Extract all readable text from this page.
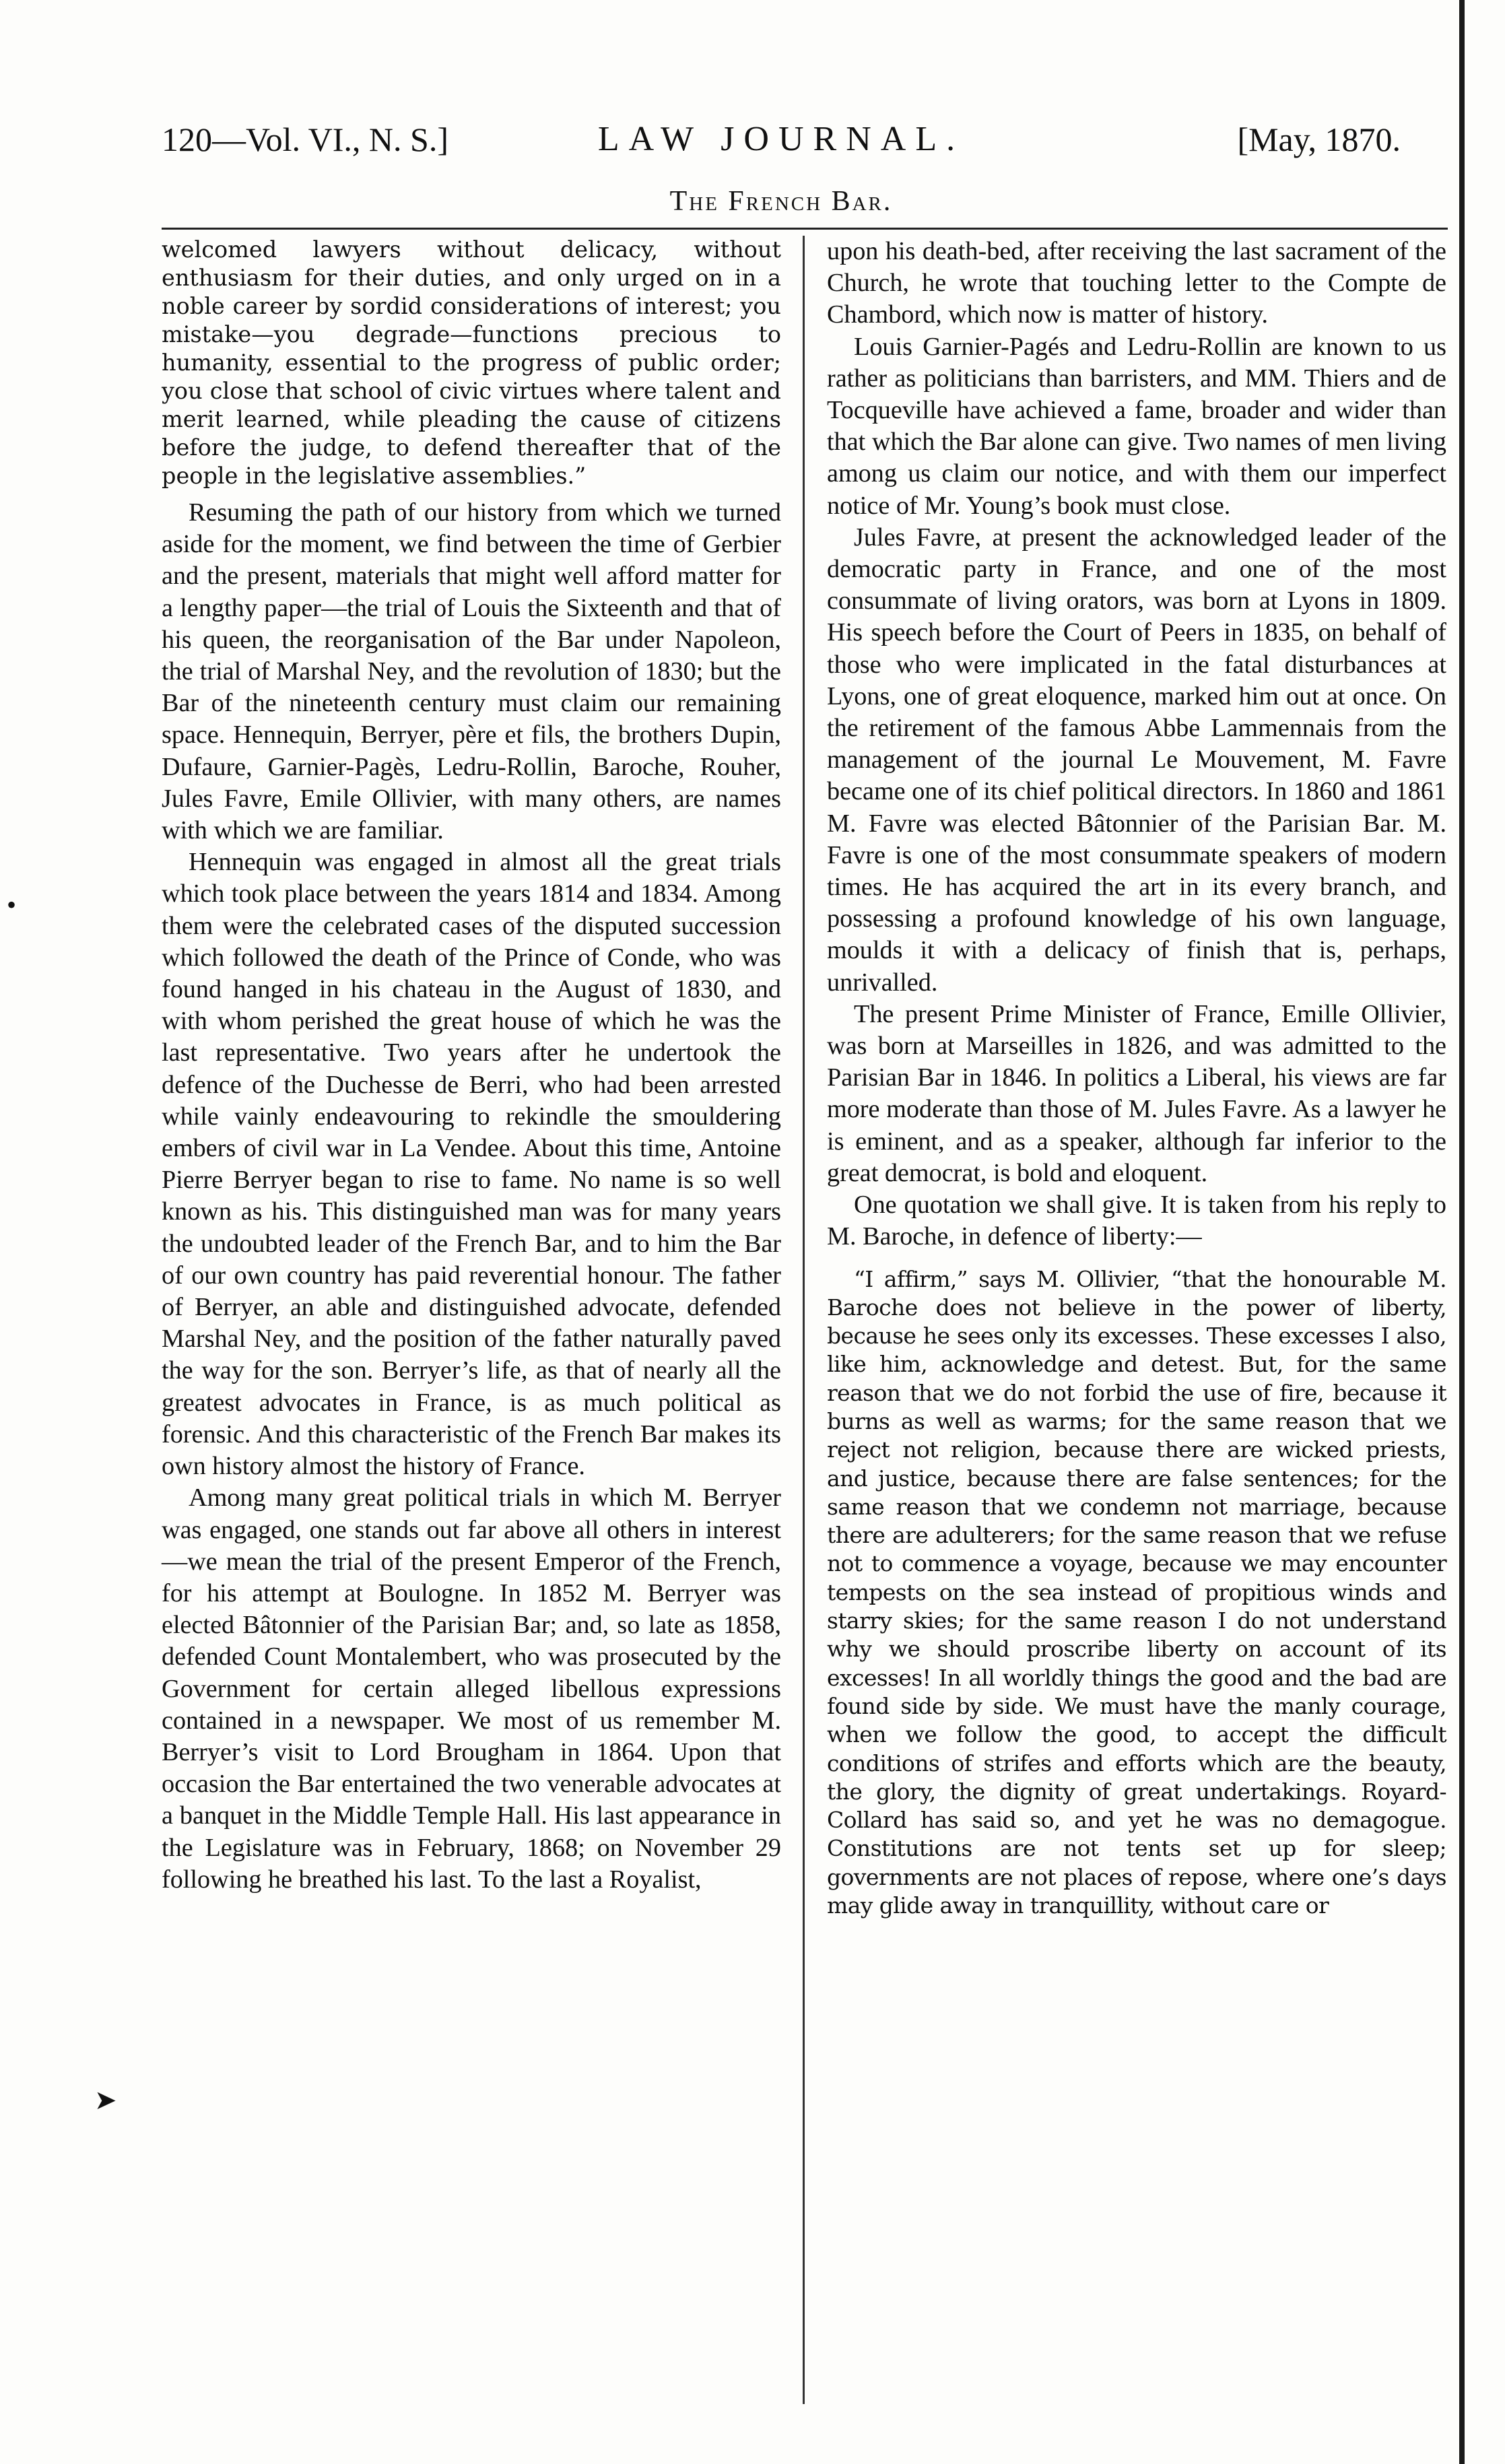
120—Vol. VI., N. S.]	LAW JOURNAL.	[May, 1870.
The French Bar.

welcomed lawyers without delicacy, without enthusiasm for their duties, and only urged on in a noble career by sordid considerations of interest; you mistake—you degrade—functions precious to humanity, essential to the progress of public order; you close that school of civic virtues where talent and merit learned, while pleading the cause of citizens before the judge, to defend thereafter that of the people in the legislative assemblies.”

Resuming the path of our history from which we turned aside for the moment, we find between the time of Gerbier and the present, materials that might well afford matter for a lengthy paper—the trial of Louis the Sixteenth and that of his queen, the reorganisation of the Bar under Napoleon, the trial of Marshal Ney, and the revolution of 1830; but the Bar of the nineteenth century must claim our remaining space. Hennequin, Berryer, père et fils, the brothers Dupin, Dufaure, Garnier-Pagès, Ledru-Rollin, Baroche, Rouher, Jules Favre, Emile Ollivier, with many others, are names with which we are familiar.

Hennequin was engaged in almost all the great trials which took place between the years 1814 and 1834. Among them were the celebrated cases of the disputed succession which followed the death of the Prince of Conde, who was found hanged in his chateau in the August of 1830, and with whom perished the great house of which he was the last representative. Two years after he undertook the defence of the Duchesse de Berri, who had been arrested while vainly endeavouring to rekindle the smouldering embers of civil war in La Vendee. About this time, Antoine Pierre Berryer began to rise to fame. No name is so well known as his. This distinguished man was for many years the undoubted leader of the French Bar, and to him the Bar of our own country has paid reverential honour. The father of Berryer, an able and distinguished advocate, defended Marshal Ney, and the position of the father naturally paved the way for the son. Berryer’s life, as that of nearly all the greatest advocates in France, is as much political as forensic. And this characteristic of the French Bar makes its own history almost the history of France.

Among many great political trials in which M. Berryer was engaged, one stands out far above all others in interest—we mean the trial of the present Emperor of the French, for his attempt at Boulogne. In 1852 M. Berryer was elected Bâtonnier of the Parisian Bar; and, so late as 1858, defended Count Montalembert, who was prosecuted by the Government for certain alleged libellous expressions contained in a newspaper. We most of us remember M. Berryer’s visit to Lord Brougham in 1864. Upon that occasion the Bar entertained the two venerable advocates at a banquet in the Middle Temple Hall. His last appearance in the Legislature was in February, 1868; on November 29 following he breathed his last. To the last a Royalist,

upon his death-bed, after receiving the last sacrament of the Church, he wrote that touching letter to the Compte de Chambord, which now is matter of history.

Louis Garnier-Pagés and Ledru-Rollin are known to us rather as politicians than barristers, and MM. Thiers and de Tocqueville have achieved a fame, broader and wider than that which the Bar alone can give. Two names of men living among us claim our notice, and with them our imperfect notice of Mr. Young’s book must close.

Jules Favre, at present the acknowledged leader of the democratic party in France, and one of the most consummate of living orators, was born at Lyons in 1809. His speech before the Court of Peers in 1835, on behalf of those who were implicated in the fatal disturbances at Lyons, one of great eloquence, marked him out at once. On the retirement of the famous Abbe Lammennais from the management of the journal Le Mouvement, M. Favre became one of its chief political directors. In 1860 and 1861 M. Favre was elected Bâtonnier of the Parisian Bar. M. Favre is one of the most consummate speakers of modern times. He has acquired the art in its every branch, and possessing a profound knowledge of his own language, moulds it with a delicacy of finish that is, perhaps, unrivalled.

The present Prime Minister of France, Emille Ollivier, was born at Marseilles in 1826, and was admitted to the Parisian Bar in 1846. In politics a Liberal, his views are far more moderate than those of M. Jules Favre. As a lawyer he is eminent, and as a speaker, although far inferior to the great democrat, is bold and eloquent.

One quotation we shall give. It is taken from his reply to M. Baroche, in defence of liberty:—

“I affirm,” says M. Ollivier, “that the honourable M. Baroche does not believe in the power of liberty, because he sees only its excesses. These excesses I also, like him, acknowledge and detest. But, for the same reason that we do not forbid the use of fire, because it burns as well as warms; for the same reason that we reject not religion, because there are wicked priests, and justice, because there are false sentences; for the same reason that we condemn not marriage, because there are adulterers; for the same reason that we refuse not to commence a voyage, because we may encounter tempests on the sea instead of propitious winds and starry skies; for the same reason I do not understand why we should proscribe liberty on account of its excesses! In all worldly things the good and the bad are found side by side. We must have the manly courage, when we follow the good, to accept the difficult conditions of strifes and efforts which are the beauty, the glory, the dignity of great undertakings. Royard-Collard has said so, and yet he was no demagogue. Constitutions are not tents set up for sleep; governments are not places of repose, where one’s days may glide away in tranquillity, without care or

•
➤
